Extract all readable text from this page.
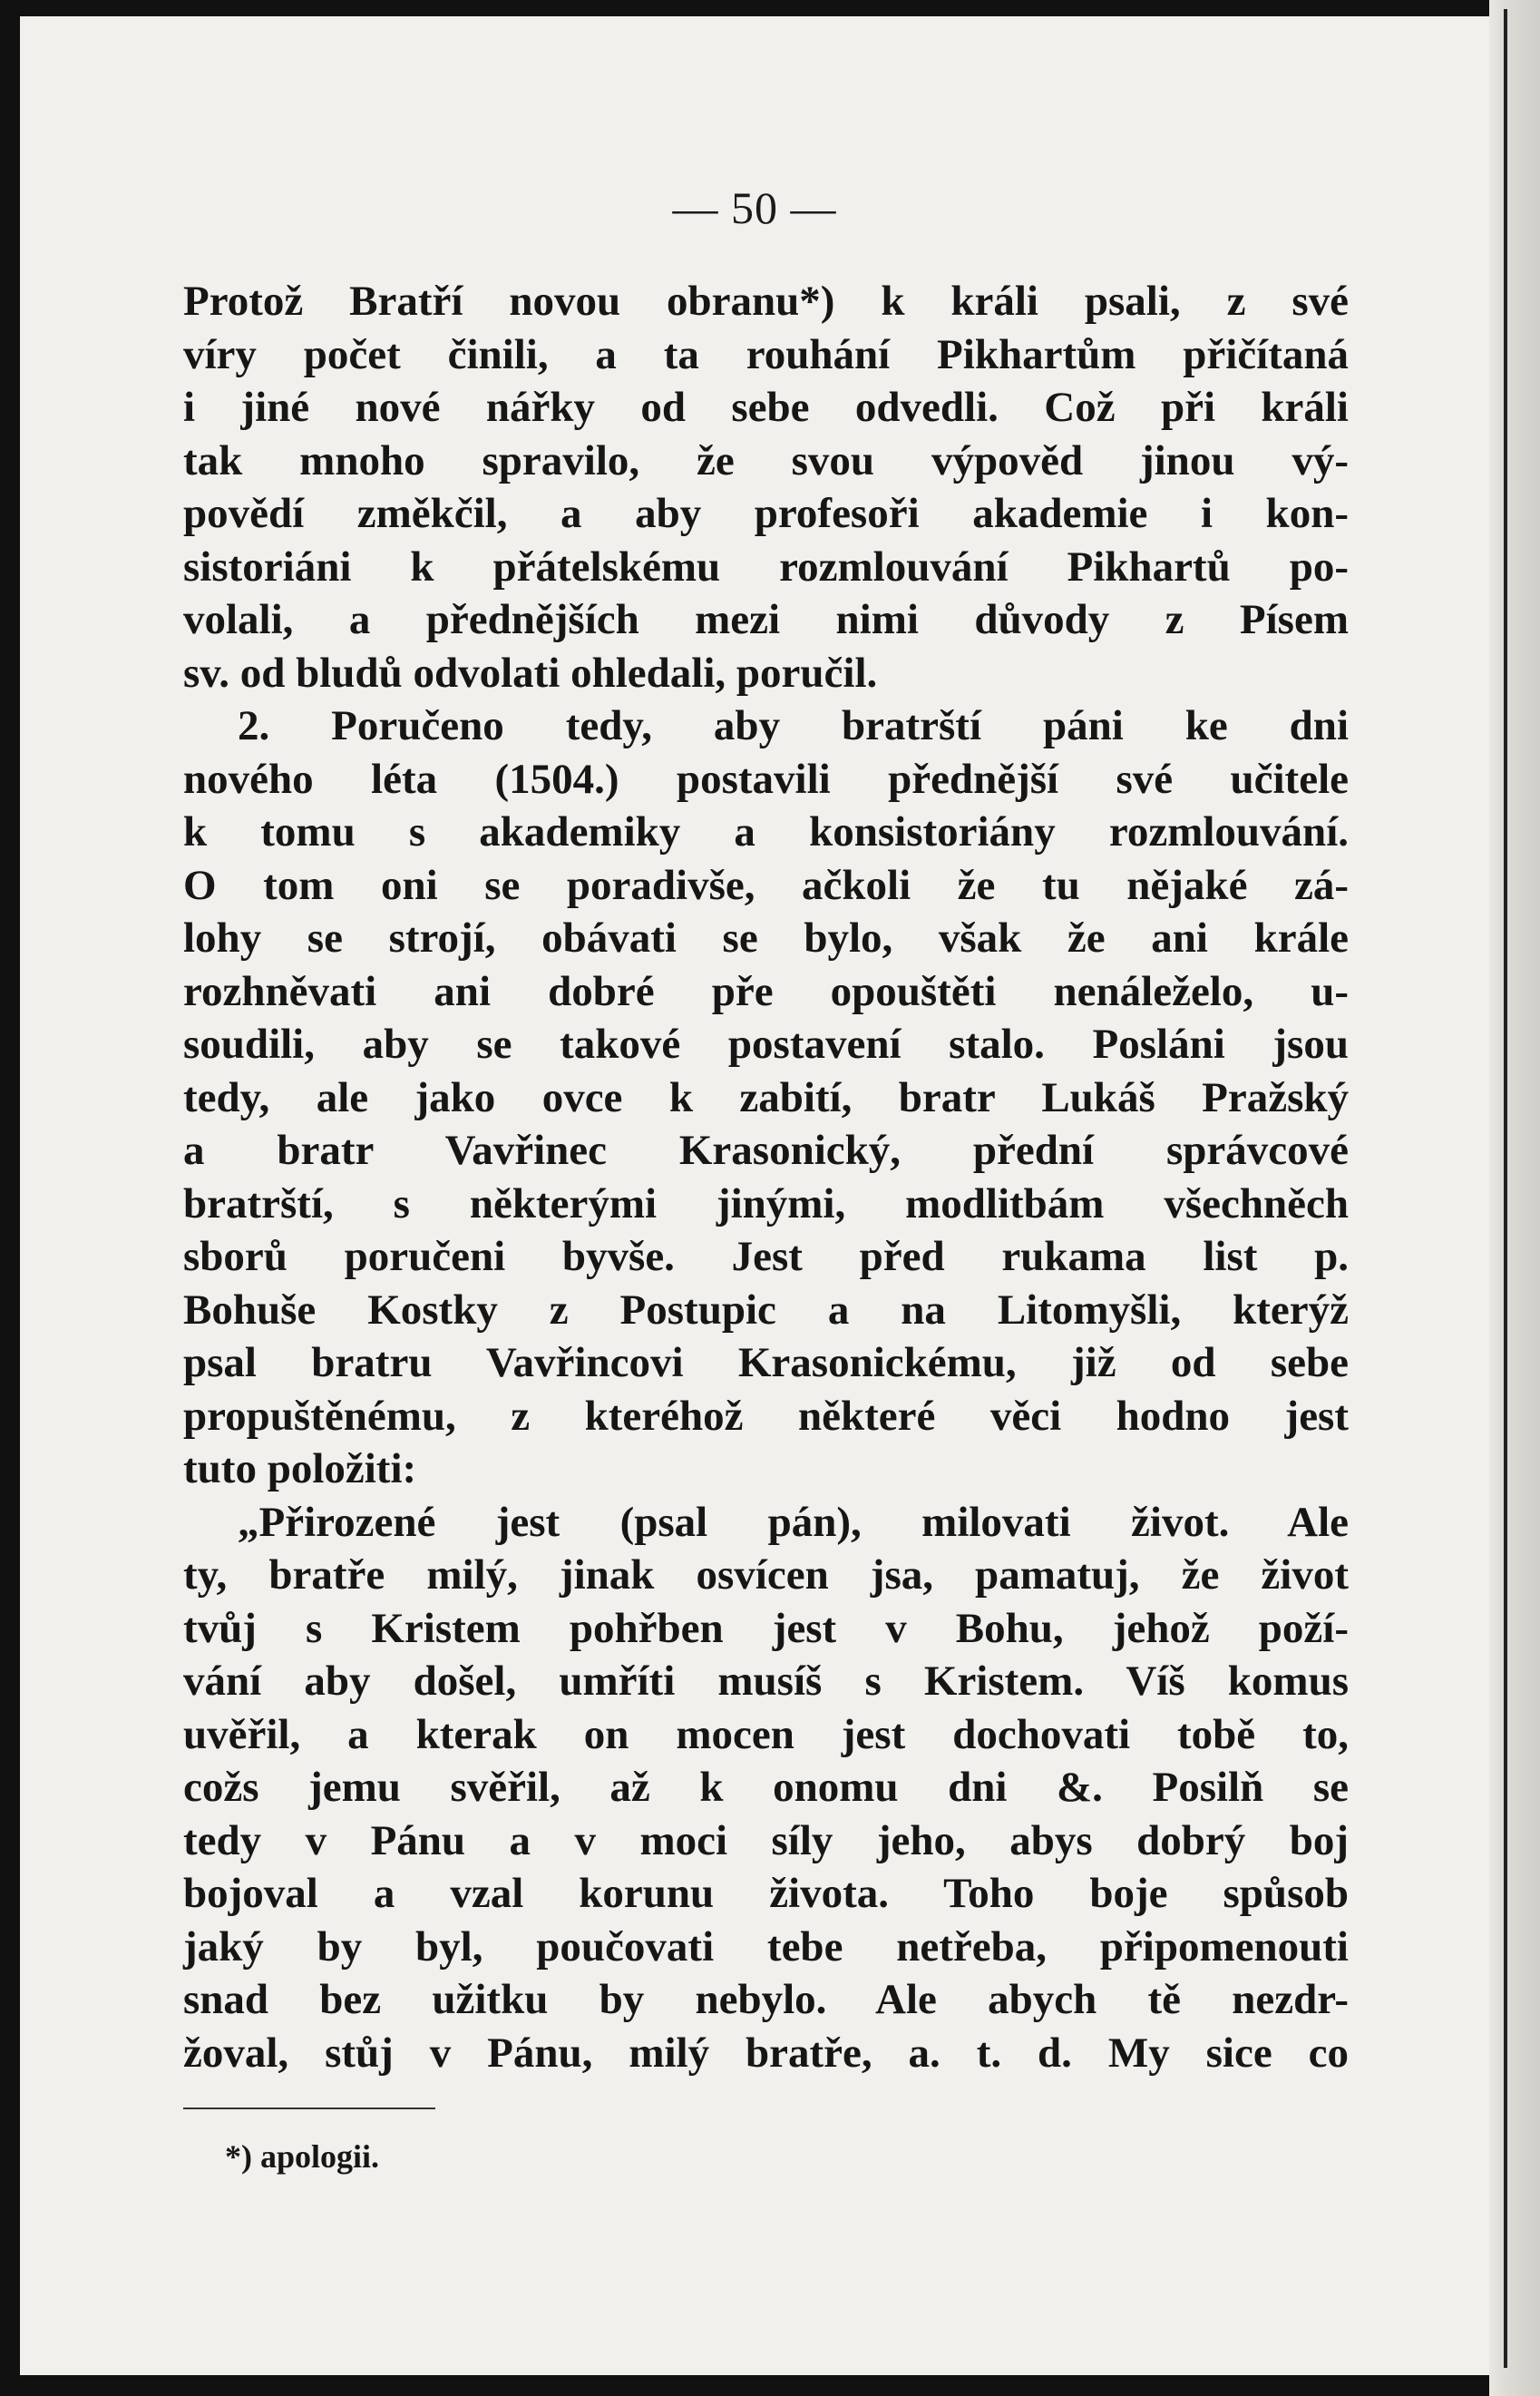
— 50 —
Protož Bratří novou obranu*) k králi psali, z své
víry počet činili, a ta rouhání Pikhartům přičítaná
i jiné nové nářky od sebe odvedli. Což při králi
tak mnoho spravilo, že svou výpověd jinou vý-
povědí změkčil, a aby profesoři akademie i kon-
sistoriáni k přátelskému rozmlouvání Pikhartů po-
volali, a přednějších mezi nimi důvody z Písem
sv. od bludů odvolati ohledali, poručil.
2. Poručeno tedy, aby bratrští páni ke dni
nového léta (1504.) postavili přednější své učitele
k tomu s akademiky a konsistoriány rozmlouvání.
O tom oni se poradivše, ačkoli že tu nějaké zá-
lohy se strojí, obávati se bylo, však že ani krále
rozhněvati ani dobré pře opouštěti nenáleželo, u-
soudili, aby se takové postavení stalo. Posláni jsou
tedy, ale jako ovce k zabití, bratr Lukáš Pražský
a bratr Vavřinec Krasonický, přední správcové
bratrští, s některými jinými, modlitbám všechněch
sborů poručeni byvše. Jest před rukama list p.
Bohuše Kostky z Postupic a na Litomyšli, kterýž
psal bratru Vavřincovi Krasonickému, již od sebe
propuštěnému, z kteréhož některé věci hodno jest
tuto položiti:
„Přirozené jest (psal pán), milovati život. Ale
ty, bratře milý, jinak osvícen jsa, pamatuj, že život
tvůj s Kristem pohřben jest v Bohu, jehož poží-
vání aby došel, umříti musíš s Kristem. Víš komus
uvěřil, a kterak on mocen jest dochovati tobě to,
cožs jemu svěřil, až k onomu dni &. Posilň se
tedy v Pánu a v moci síly jeho, abys dobrý boj
bojoval a vzal korunu života. Toho boje spůsob
jaký by byl, poučovati tebe netřeba, připomenouti
snad bez užitku by nebylo. Ale abych tě nezdr-
žoval, stůj v Pánu, milý bratře, a. t. d. My sice co
*) apologii.
